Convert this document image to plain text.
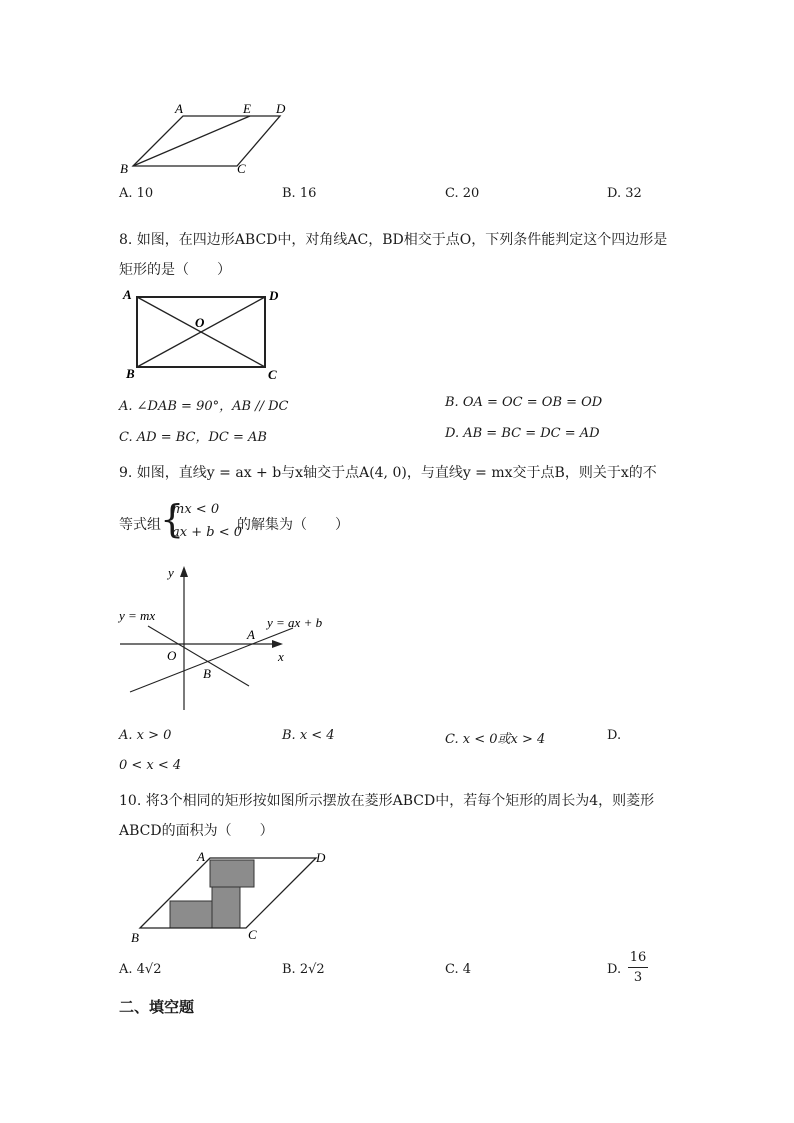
A	E D
B	C
A. 10	B. 16	C. 20	D. 32
8. 如图，在四边形ABCD中，对角线AC，BD相交于点O，下列条件能判定这个四边形是
矩形的是（　　）
A	D
O
B	C
A. ∠DAB = 90°，AB // DC	B. OA = OC = OB = OD
C. AD = BC，DC = AB	D. AB = BC = DC = AD
9. 如图，直线y = ax + b与x轴交于点A(4, 0)，与直线y = mx交于点B，则关于x的不
等式组 {
mx < 0
ax + b < 0
的解集为（　　）
y
x
O
A
B
y = mx	y = ax + b
A. x > 0	B. x < 4	C. x < 0或x > 4	D.
0 < x < 4
10. 将3个相同的矩形按如图所示摆放在菱形ABCD中，若每个矩形的周长为4，则菱形
ABCD的面积为（　　）
A	D
B	C
A. 4√2	B. 2√2	C. 4	D.
16
3
二、填空题
